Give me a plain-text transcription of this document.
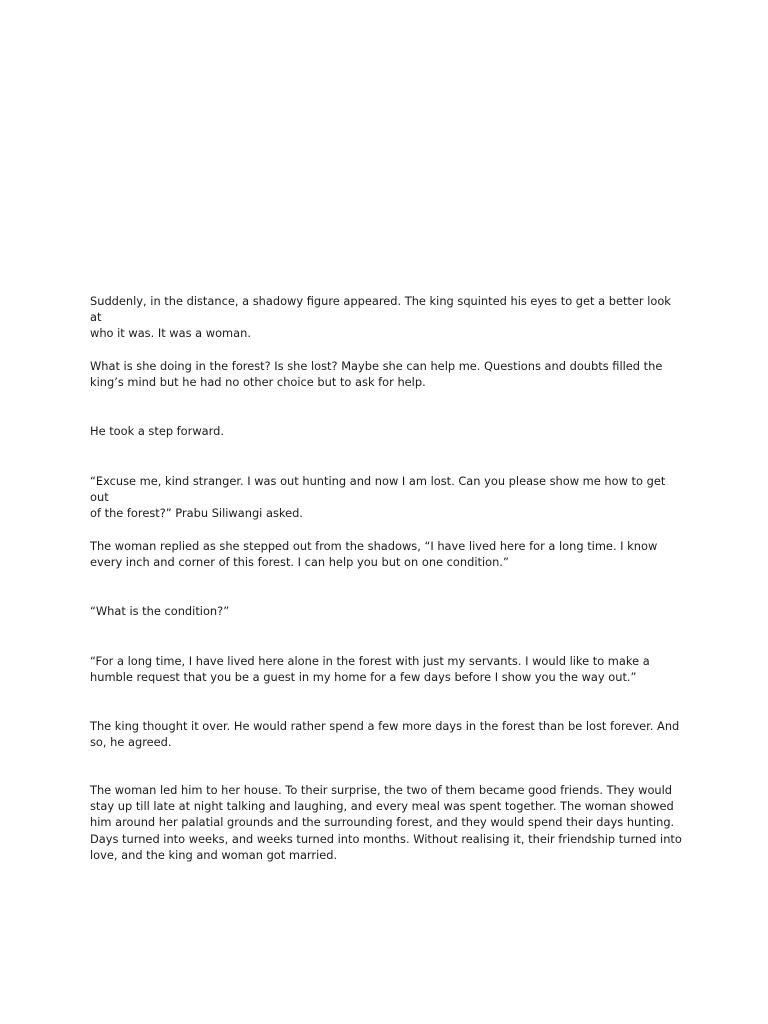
Suddenly, in the distance, a shadowy figure appeared. The king squinted his eyes to get a better look at
who it was. It was a woman.

What is she doing in the forest? Is she lost? Maybe she can help me. Questions and doubts filled the
king’s mind but he had no other choice but to ask for help.

He took a step forward.

“Excuse me, kind stranger. I was out hunting and now I am lost. Can you please show me how to get out
of the forest?” Prabu Siliwangi asked.

The woman replied as she stepped out from the shadows, “I have lived here for a long time. I know
every inch and corner of this forest. I can help you but on one condition.”

“What is the condition?”

“For a long time, I have lived here alone in the forest with just my servants. I would like to make a
humble request that you be a guest in my home for a few days before I show you the way out.”

The king thought it over. He would rather spend a few more days in the forest than be lost forever. And
so, he agreed.

The woman led him to her house. To their surprise, the two of them became good friends. They would
stay up till late at night talking and laughing, and every meal was spent together. The woman showed
him around her palatial grounds and the surrounding forest, and they would spend their days hunting.
Days turned into weeks, and weeks turned into months. Without realising it, their friendship turned into
love, and the king and woman got married.
